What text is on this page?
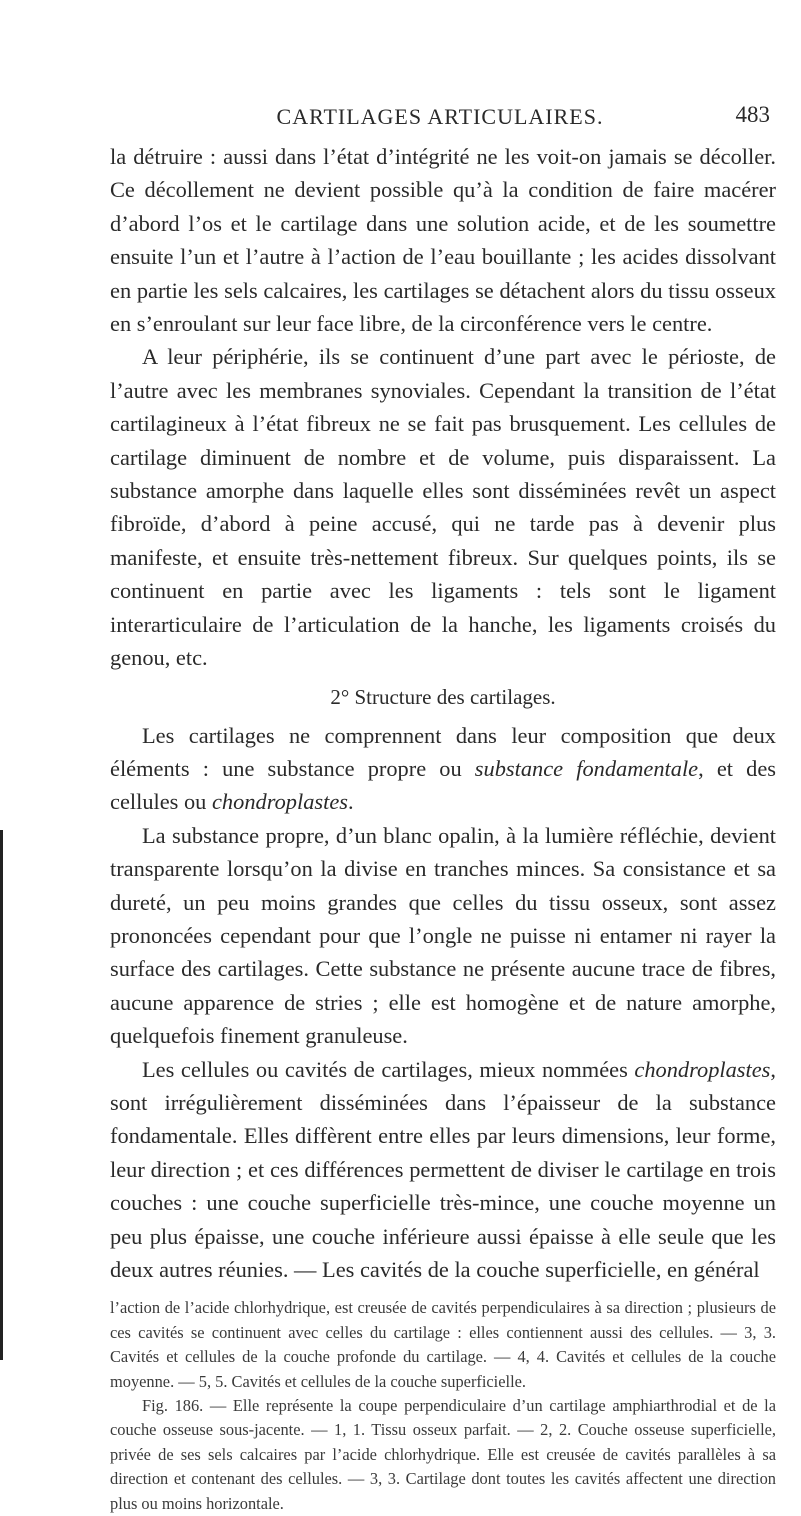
CARTILAGES ARTICULAIRES.	483

la détruire : aussi dans l’état d’intégrité ne les voit-on jamais se décoller. Ce décollement ne devient possible qu’à la condition de faire macérer d’abord l’os et le cartilage dans une solution acide, et de les soumettre ensuite l’un et l’autre à l’action de l’eau bouillante ; les acides dissolvant en partie les sels calcaires, les cartilages se détachent alors du tissu osseux en s’enroulant sur leur face libre, de la circonférence vers le centre.

A leur périphérie, ils se continuent d’une part avec le périoste, de l’autre avec les membranes synoviales. Cependant la transition de l’état cartilagineux à l’état fibreux ne se fait pas brusquement. Les cellules de cartilage diminuent de nombre et de volume, puis disparaissent. La substance amorphe dans laquelle elles sont disséminées revêt un aspect fibroïde, d’abord à peine accusé, qui ne tarde pas à devenir plus manifeste, et ensuite très-nettement fibreux. Sur quelques points, ils se continuent en partie avec les ligaments : tels sont le ligament interarticulaire de l’articulation de la hanche, les ligaments croisés du genou, etc.

2° Structure des cartilages.

Les cartilages ne comprennent dans leur composition que deux éléments : une substance propre ou substance fondamentale, et des cellules ou chondroplastes.

La substance propre, d’un blanc opalin, à la lumière réfléchie, devient transparente lorsqu’on la divise en tranches minces. Sa consistance et sa dureté, un peu moins grandes que celles du tissu osseux, sont assez prononcées cependant pour que l’ongle ne puisse ni entamer ni rayer la surface des cartilages. Cette substance ne présente aucune trace de fibres, aucune apparence de stries ; elle est homogène et de nature amorphe, quelquefois finement granuleuse.

Les cellules ou cavités de cartilages, mieux nommées chondroplastes, sont irrégulièrement disséminées dans l’épaisseur de la substance fondamentale. Elles diffèrent entre elles par leurs dimensions, leur forme, leur direction ; et ces différences permettent de diviser le cartilage en trois couches : une couche superficielle très-mince, une couche moyenne un peu plus épaisse, une couche inférieure aussi épaisse à elle seule que les deux autres réunies. — Les cavités de la couche superficielle, en général

l’action de l’acide chlorhydrique, est creusée de cavités perpendiculaires à sa direction ; plusieurs de ces cavités se continuent avec celles du cartilage : elles contiennent aussi des cellules. — 3, 3. Cavités et cellules de la couche profonde du cartilage. — 4, 4. Cavités et cellules de la couche moyenne. — 5, 5. Cavités et cellules de la couche superficielle.

Fig. 186. — Elle représente la coupe perpendiculaire d’un cartilage amphiarthrodial et de la couche osseuse sous-jacente. — 1, 1. Tissu osseux parfait. — 2, 2. Couche osseuse superficielle, privée de ses sels calcaires par l’acide chlorhydrique. Elle est creusée de cavités parallèles à sa direction et contenant des cellules. — 3, 3. Cartilage dont toutes les cavités affectent une direction plus ou moins horizontale.
